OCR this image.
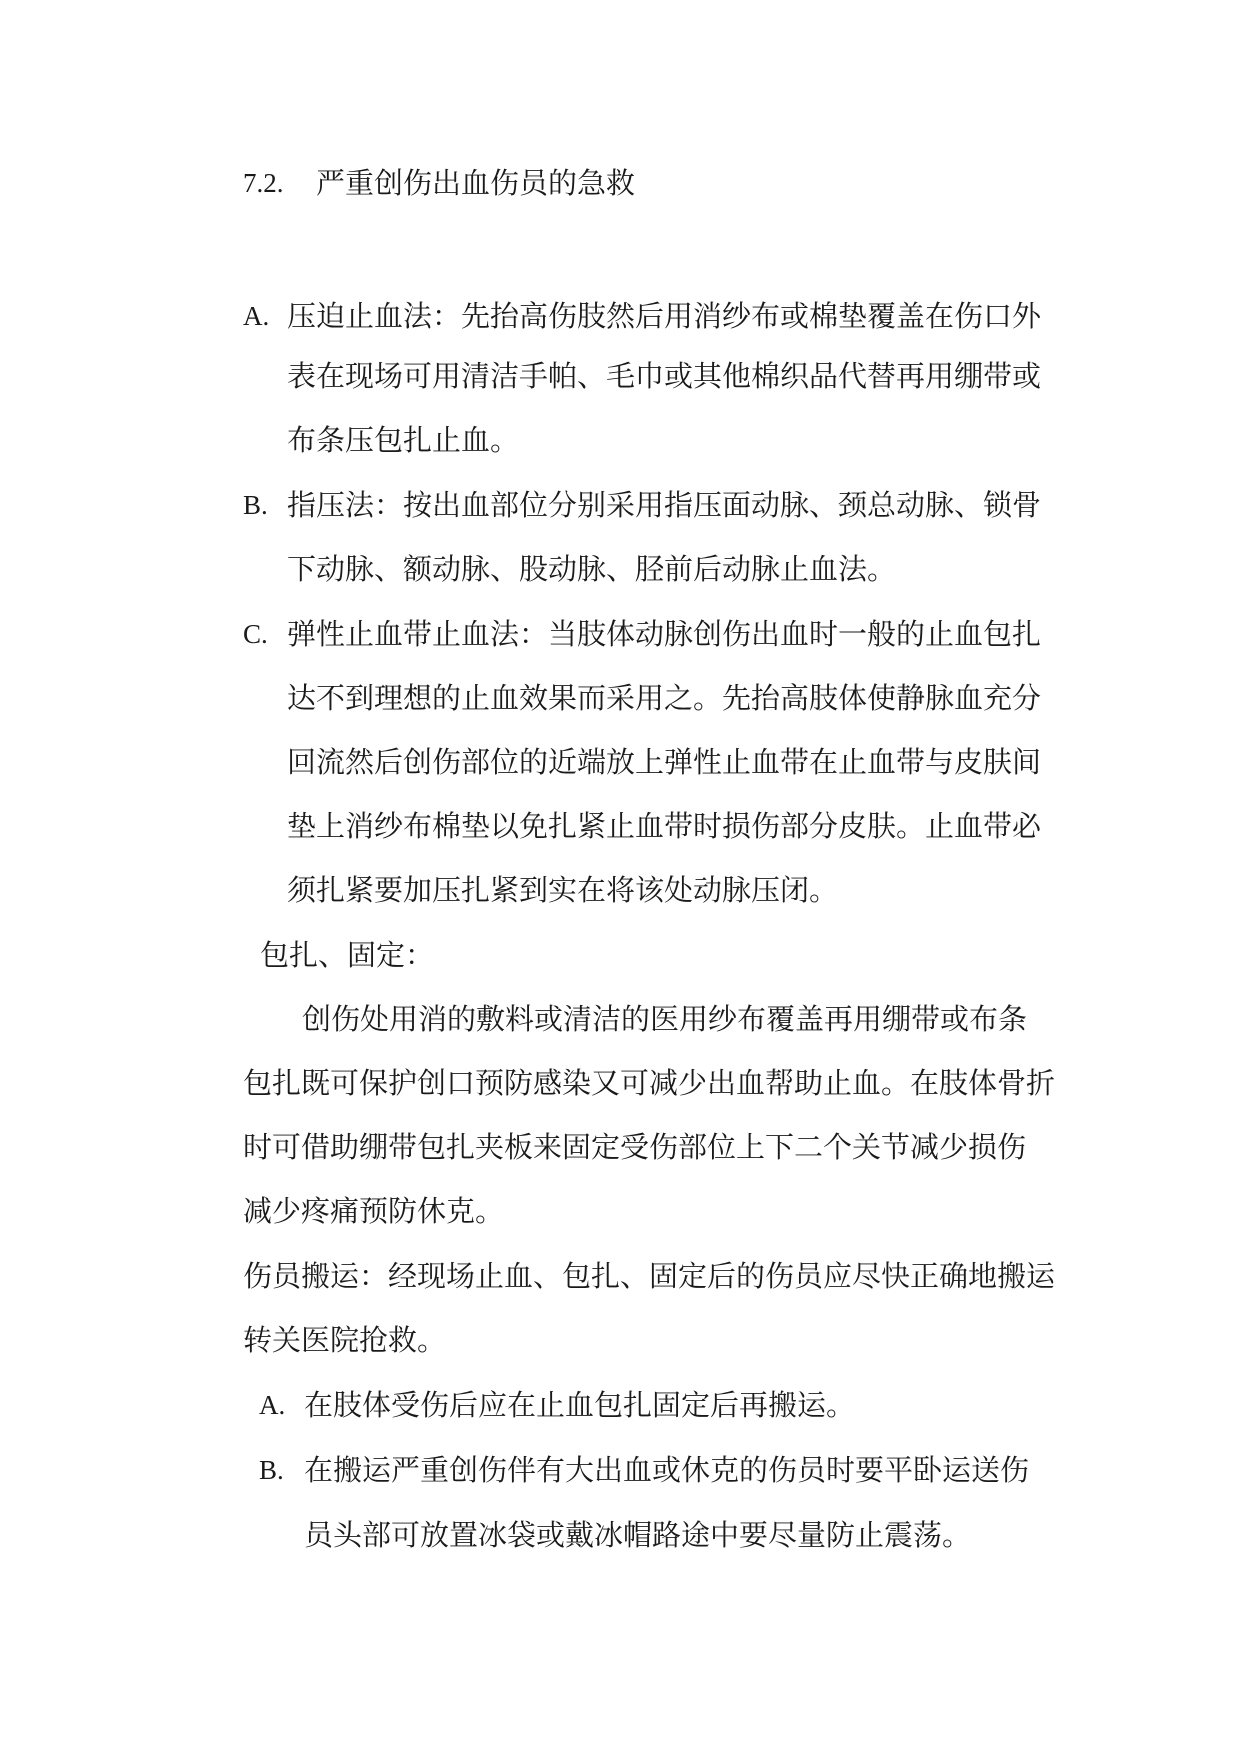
7.2. 严重创伤出血伤员的急救
A. 压迫止血法：先抬高伤肢然后用消纱布或棉垫覆盖在伤口外
表在现场可用清洁手帕、毛巾或其他棉织品代替再用绷带或
布条压包扎止血。
B. 指压法：按出血部位分别采用指压面动脉、颈总动脉、锁骨
下动脉、额动脉、股动脉、胫前后动脉止血法。
C. 弹性止血带止血法：当肢体动脉创伤出血时一般的止血包扎
达不到理想的止血效果而采用之。先抬高肢体使静脉血充分
回流然后创伤部位的近端放上弹性止血带在止血带与皮肤间
垫上消纱布棉垫以免扎紧止血带时损伤部分皮肤。止血带必
须扎紧要加压扎紧到实在将该处动脉压闭。
包扎、固定：
创伤处用消的敷料或清洁的医用纱布覆盖再用绷带或布条
包扎既可保护创口预防感染又可减少出血帮助止血。在肢体骨折
时可借助绷带包扎夹板来固定受伤部位上下二个关节减少损伤
减少疼痛预防休克。
伤员搬运：经现场止血、包扎、固定后的伤员应尽快正确地搬运
转关医院抢救。
A. 在肢体受伤后应在止血包扎固定后再搬运。
B. 在搬运严重创伤伴有大出血或休克的伤员时要平卧运送伤
员头部可放置冰袋或戴冰帽路途中要尽量防止震荡。
